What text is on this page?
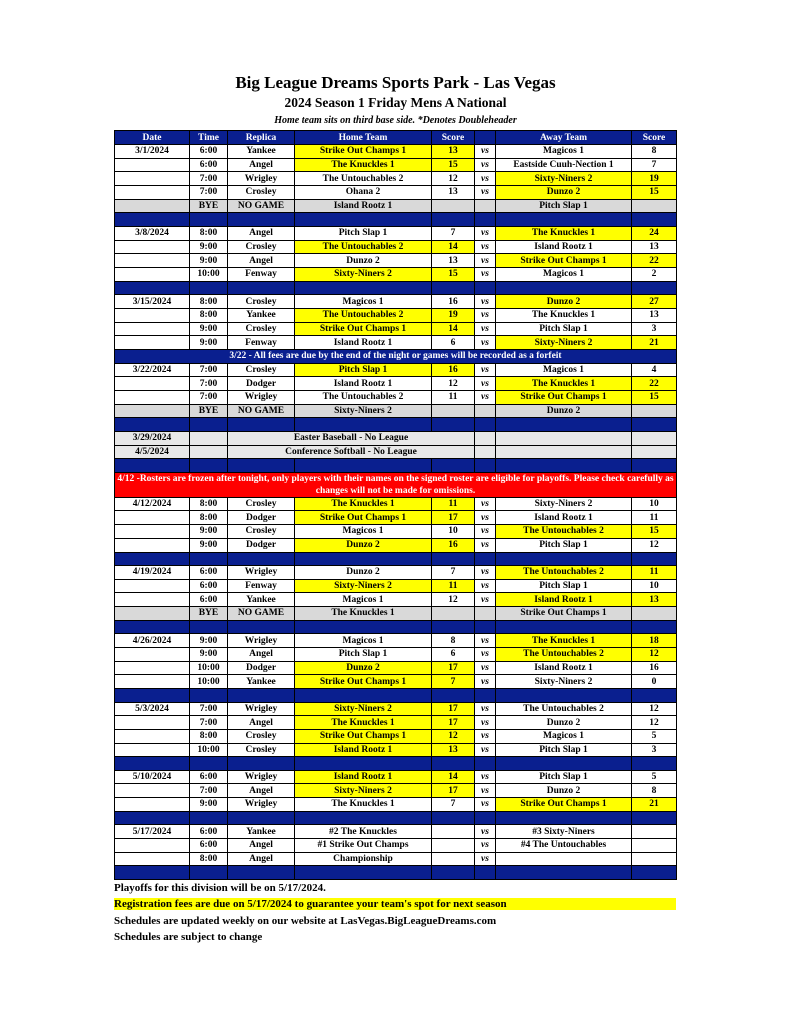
Big League Dreams Sports Park - Las Vegas
2024 Season 1 Friday Mens A National
Home team sits on third base side. *Denotes Doubleheader
Date	Time	Replica	Home Team	Score		Away Team	Score
3/1/2024	6:00	Yankee	Strike Out Champs 1	13	vs	Magicos 1	8
	6:00	Angel	The Knuckles 1	15	vs	Eastside Cuuh-Nection 1	7
	7:00	Wrigley	The Untouchables 2	12	vs	Sixty-Niners 2	19
	7:00	Crosley	Ohana 2	13	vs	Dunzo 2	15
	BYE	NO GAME	Island Rootz 1			Pitch Slap 1	

3/8/2024	8:00	Angel	Pitch Slap 1	7	vs	The Knuckles 1	24
	9:00	Crosley	The Untouchables 2	14	vs	Island Rootz 1	13
	9:00	Angel	Dunzo 2	13	vs	Strike Out Champs 1	22
	10:00	Fenway	Sixty-Niners 2	15	vs	Magicos 1	2

3/15/2024	8:00	Crosley	Magicos 1	16	vs	Dunzo 2	27
	8:00	Yankee	The Untouchables 2	19	vs	The Knuckles 1	13
	9:00	Crosley	Strike Out Champs 1	14	vs	Pitch Slap 1	3
	9:00	Fenway	Island Rootz 1	6	vs	Sixty-Niners 2	21
3/22 - All fees are due by the end of the night or games will be recorded as a forfeit							
3/22/2024	7:00	Crosley	Pitch Slap 1	16	vs	Magicos 1	4
	7:00	Dodger	Island Rootz 1	12	vs	The Knuckles 1	22
	7:00	Wrigley	The Untouchables 2	11	vs	Strike Out Champs 1	15
	BYE	NO GAME	Sixty-Niners 2			Dunzo 2	

3/29/2024		Easter Baseball - No League					
4/5/2024		Conference Softball - No League					

4/12 -Rosters are frozen after tonight, only players with their names on the signed roster are eligible for playoffs. Please check carefully as changes will not be made for omissions.							
4/12/2024	8:00	Crosley	The Knuckles 1	11	vs	Sixty-Niners 2	10
	8:00	Dodger	Strike Out Champs 1	17	vs	Island Rootz 1	11
	9:00	Crosley	Magicos 1	10	vs	The Untouchables 2	15
	9:00	Dodger	Dunzo 2	16	vs	Pitch Slap 1	12

4/19/2024	6:00	Wrigley	Dunzo 2	7	vs	The Untouchables 2	11
	6:00	Fenway	Sixty-Niners 2	11	vs	Pitch Slap 1	10
	6:00	Yankee	Magicos 1	12	vs	Island Rootz 1	13
	BYE	NO GAME	The Knuckles 1			Strike Out Champs 1	

4/26/2024	9:00	Wrigley	Magicos 1	8	vs	The Knuckles 1	18
	9:00	Angel	Pitch Slap 1	6	vs	The Untouchables 2	12
	10:00	Dodger	Dunzo 2	17	vs	Island Rootz 1	16
	10:00	Yankee	Strike Out Champs 1	7	vs	Sixty-Niners 2	0

5/3/2024	7:00	Wrigley	Sixty-Niners 2	17	vs	The Untouchables 2	12
	7:00	Angel	The Knuckles 1	17	vs	Dunzo 2	12
	8:00	Crosley	Strike Out Champs 1	12	vs	Magicos 1	5
	10:00	Crosley	Island Rootz 1	13	vs	Pitch Slap 1	3

5/10/2024	6:00	Wrigley	Island Rootz 1	14	vs	Pitch Slap 1	5
	7:00	Angel	Sixty-Niners 2	17	vs	Dunzo 2	8
	9:00	Wrigley	The Knuckles 1	7	vs	Strike Out Champs 1	21

5/17/2024	6:00	Yankee	#2 The Knuckles		vs	#3 Sixty-Niners	
	6:00	Angel	#1 Strike Out Champs		vs	#4 The Untouchables	
	8:00	Angel	Championship		vs		

Playoffs for this division will be on 5/17/2024.
Registration fees are due on 5/17/2024 to guarantee your team's spot for next season
Schedules are updated weekly on our website at LasVegas.BigLeagueDreams.com
Schedules are subject to change
